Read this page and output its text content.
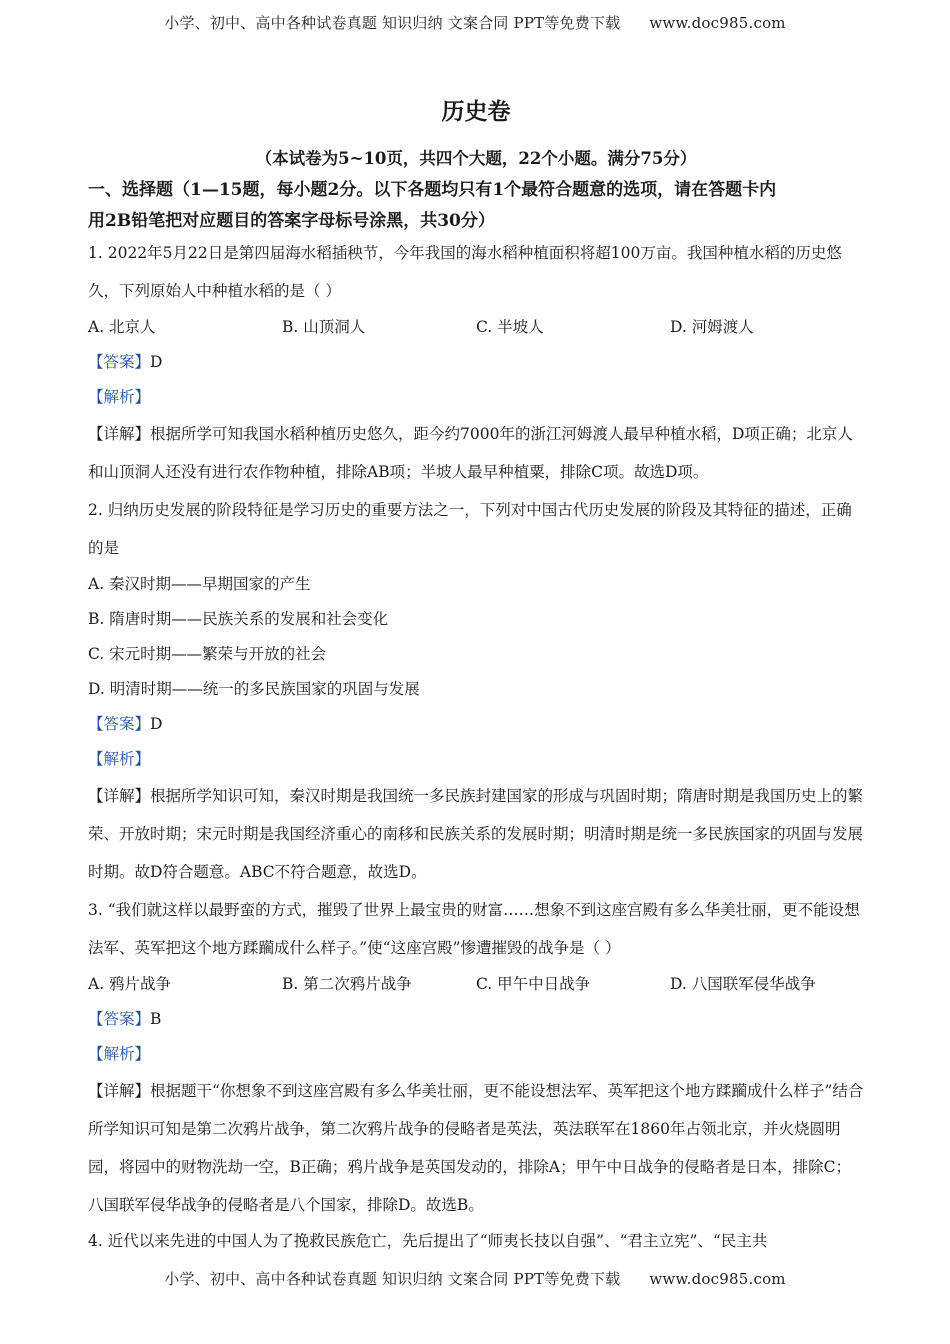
小学、初中、高中各种试卷真题 知识归纳 文案合同 PPT等免费下载 www.doc985.com
历史卷
（本试卷为5~10页，共四个大题，22个小题。满分75分）
一、选择题（1—15题，每小题2分。以下各题均只有1个最符合题意的选项，请在答题卡内
用2B铅笔把对应题目的答案字母标号涂黑，共30分）
1. 2022年5月22日是第四届海水稻插秧节，今年我国的海水稻种植面积将超100万亩。我国种植水稻的历史悠久，下列原始人中种植水稻的是（ ）
A. 北京人	B. 山顶洞人	C. 半坡人	D. 河姆渡人
【答案】D
【解析】
【详解】根据所学可知我国水稻种植历史悠久，距今约7000年的浙江河姆渡人最早种植水稻，D项正确；北京人和山顶洞人还没有进行农作物种植，排除AB项；半坡人最早种植粟，排除C项。故选D项。
2. 归纳历史发展的阶段特征是学习历史的重要方法之一，下列对中国古代历史发展的阶段及其特征的描述，正确的是
A. 秦汉时期——早期国家的产生
B. 隋唐时期——民族关系的发展和社会变化
C. 宋元时期——繁荣与开放的社会
D. 明清时期——统一的多民族国家的巩固与发展
【答案】D
【解析】
【详解】根据所学知识可知，秦汉时期是我国统一多民族封建国家的形成与巩固时期；隋唐时期是我国历史上的繁荣、开放时期；宋元时期是我国经济重心的南移和民族关系的发展时期；明清时期是统一多民族国家的巩固与发展时期。故D符合题意。ABC不符合题意，故选D。
3. “我们就这样以最野蛮的方式，摧毁了世界上最宝贵的财富……想象不到这座宫殿有多么华美壮丽，更不能设想法军、英军把这个地方蹂躏成什么样子。”使“这座宫殿”惨遭摧毁的战争是（ ）
A. 鸦片战争	B. 第二次鸦片战争	C. 甲午中日战争	D. 八国联军侵华战争
【答案】B
【解析】
【详解】根据题干“你想象不到这座宫殿有多么华美壮丽，更不能设想法军、英军把这个地方蹂躏成什么样子”结合所学知识可知是第二次鸦片战争，第二次鸦片战争的侵略者是英法，英法联军在1860年占领北京，并火烧圆明园，将园中的财物洗劫一空，B正确；鸦片战争是英国发动的，排除A；甲午中日战争的侵略者是日本，排除C；八国联军侵华战争的侵略者是八个国家，排除D。故选B。
4. 近代以来先进的中国人为了挽救民族危亡，先后提出了“师夷长技以自强”、“君主立宪”、“民主共
小学、初中、高中各种试卷真题 知识归纳 文案合同 PPT等免费下载 www.doc985.com
